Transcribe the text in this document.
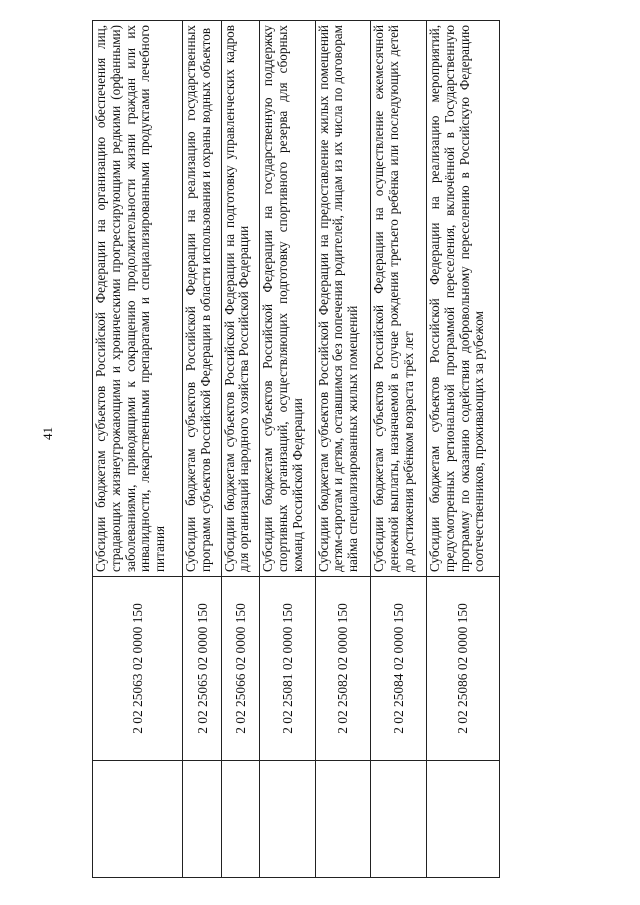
41
	2 02 25063 02 0000 150	Субсидии бюджетам субъектов Российской Федерации на организацию обеспечения лиц, страдающих жизнеугрожающими и хроническими прогрессирующими редкими (орфанными) заболеваниями, приводящими к сокращению продолжительности жизни граждан или их инвалидности, лекарственными препаратами и специализированными продуктами лечебного питания
	2 02 25065 02 0000 150	Субсидии бюджетам субъектов Российской Федерации на реализацию государственных программ субъектов Российской Федерации в области использования и охраны водных объектов
	2 02 25066 02 0000 150	Субсидии бюджетам субъектов Российской Федерации на подготовку управленческих кадров для организаций народного хозяйства Российской Федерации
	2 02 25081 02 0000 150	Субсидии бюджетам субъектов Российской Федерации на государственную поддержку спортивных организаций, осуществляющих подготовку спортивного резерва для сборных команд Российской Федерации
	2 02 25082 02 0000 150	Субсидии бюджетам субъектов Российской Федерации на предоставление жилых помещений детям-сиротам и детям, оставшимся без попечения родителей, лицам из их числа по договорам найма специализированных жилых помещений
	2 02 25084 02 0000 150	Субсидии бюджетам субъектов Российской Федерации на осуществление ежемесячной денежной выплаты, назначаемой в случае рождения третьего ребёнка или последующих детей до достижения ребёнком возраста трёх лет
	2 02 25086 02 0000 150	Субсидии бюджетам субъектов Российской Федерации на реализацию мероприятий, предусмотренных региональной программой переселения, включённой в Государственную программу по оказанию содействия добровольному переселению в Российскую Федерацию соотечественников, проживающих за рубежом
